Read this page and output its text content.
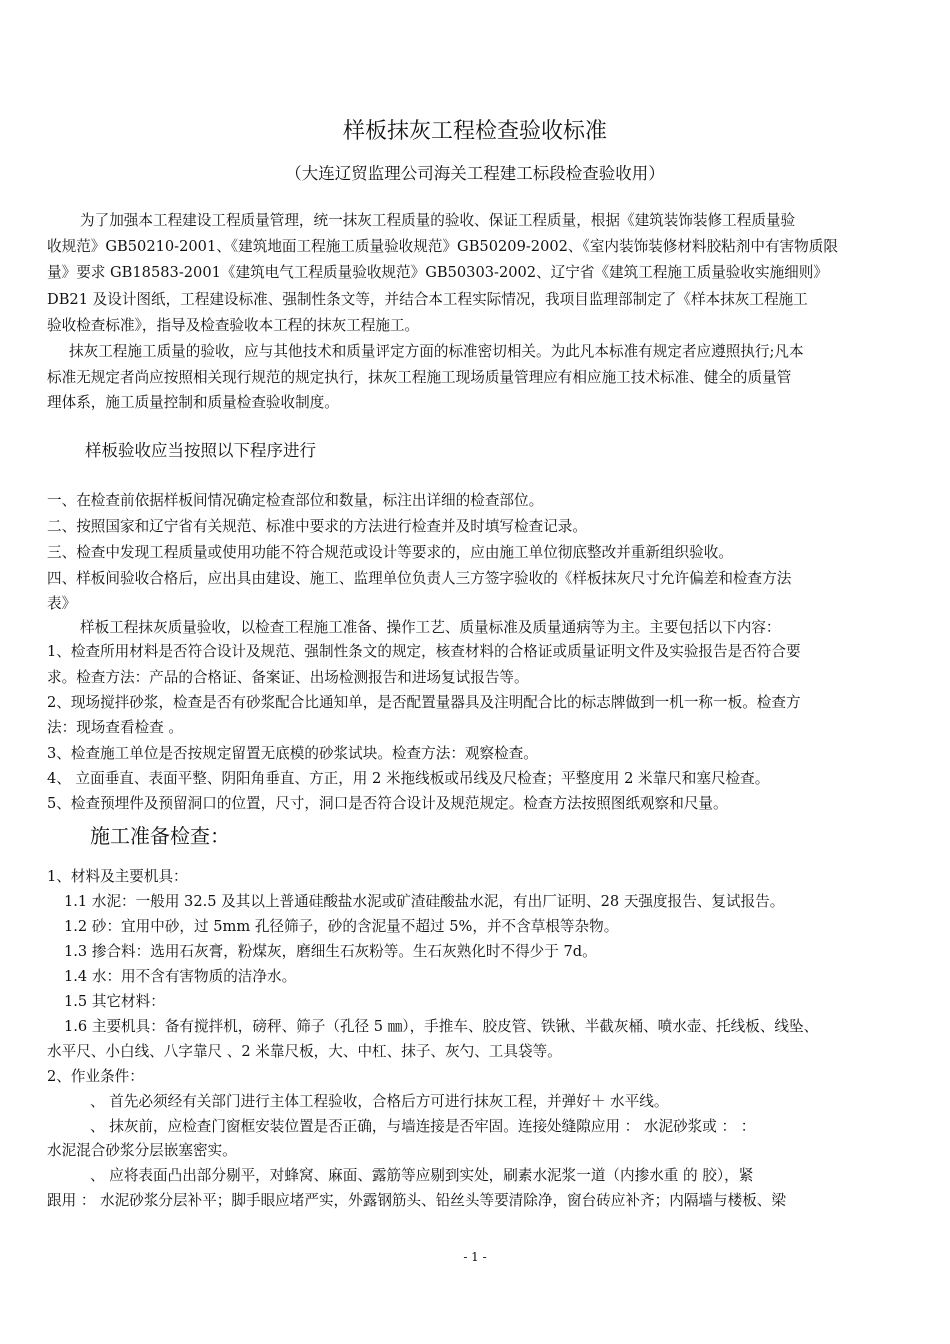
样板抹灰工程检查验收标准
（大连辽贸监理公司海关工程建工标段检查验收用）
为了加强本工程建设工程质量管理，统一抹灰工程质量的验收、保证工程质量，根据《建筑装饰装修工程质量验
收规范》GB50210-2001、《建筑地面工程施工质量验收规范》GB50209-2002、《室内装饰装修材料胶粘剂中有害物质限
量》要求 GB18583-2001《建筑电气工程质量验收规范》GB50303-2002、辽宁省《建筑工程施工质量验收实施细则》
DB21 及设计图纸，工程建设标准、强制性条文等，并结合本工程实际情况，我项目监理部制定了《样本抹灰工程施工
验收检查标准》，指导及检查验收本工程的抹灰工程施工。
抹灰工程施工质量的验收，应与其他技术和质量评定方面的标准密切相关。为此凡本标准有规定者应遵照执行;凡本
标准无规定者尚应按照相关现行规范的规定执行，抹灰工程施工现场质量管理应有相应施工技术标准、健全的质量管
理体系，施工质量控制和质量检查验收制度。
样板验收应当按照以下程序进行
一、在检查前依据样板间情况确定检查部位和数量，标注出详细的检查部位。
二、按照国家和辽宁省有关规范、标准中要求的方法进行检查并及时填写检查记录。
三、检查中发现工程质量或使用功能不符合规范或设计等要求的，应由施工单位彻底整改并重新组织验收。
四、样板间验收合格后，应出具由建设、施工、监理单位负责人三方签字验收的《样板抹灰尺寸允许偏差和检查方法
表》
样板工程抹灰质量验收，以检查工程施工准备、操作工艺、质量标准及质量通病等为主。主要包括以下内容：
1、检查所用材料是否符合设计及规范、强制性条文的规定，核查材料的合格证或质量证明文件及实验报告是否符合要
求。检查方法：产品的合格证、备案证、出场检测报告和进场复试报告等。
2、现场搅拌砂浆，检查是否有砂浆配合比通知单，是否配置量器具及注明配合比的标志牌做到一机一称一板。检查方
法：现场查看检查 。
3、检查施工单位是否按规定留置无底模的砂浆试块。检查方法：观察检查。
4、 立面垂直、表面平整、阴阳角垂直、方正，用 2 米拖线板或吊线及尺检查；平整度用 2 米靠尺和塞尺检查。
5、检查预埋件及预留洞口的位置，尺寸，洞口是否符合设计及规范规定。检查方法按照图纸观察和尺量。
施工准备检查：
1、材料及主要机具：
1.1 水泥：一般用 32.5 及其以上普通硅酸盐水泥或矿渣硅酸盐水泥，有出厂证明、28 天强度报告、复试报告。
1.2 砂：宜用中砂，过 5mm 孔径筛子，砂的含泥量不超过 5%，并不含草根等杂物。
1.3 掺合料：选用石灰膏，粉煤灰，磨细生石灰粉等。生石灰熟化时不得少于 7d。
1.4 水：用不含有害物质的洁净水。
1.5 其它材料：
1.6 主要机具：备有搅拌机，磅秤、筛子（孔径 5 ㎜），手推车、胶皮管、铁锹、半截灰桶、喷水壶、托线板、线坠、
水平尺、小白线、八字靠尺 、2 米靠尺板，大、中杠、抹子、灰勺、工具袋等。
2、作业条件：
、 首先必须经有关部门进行主体工程验收，合格后方可进行抹灰工程，并弹好＋ 水平线。
、 抹灰前，应检查门窗框安装位置是否正确，与墙连接是否牢固。连接处缝隙应用 ： 水泥砂浆或 ： ：
水泥混合砂浆分层嵌塞密实。
、 应将表面凸出部分剔平，对蜂窝、麻面、露筋等应剔到实处，刷素水泥浆一道（内掺水重 的 胶），紧
跟用 ： 水泥砂浆分层补平；脚手眼应堵严实，外露钢筋头、铅丝头等要清除净，窗台砖应补齐；内隔墙与楼板、梁
- 1 -
